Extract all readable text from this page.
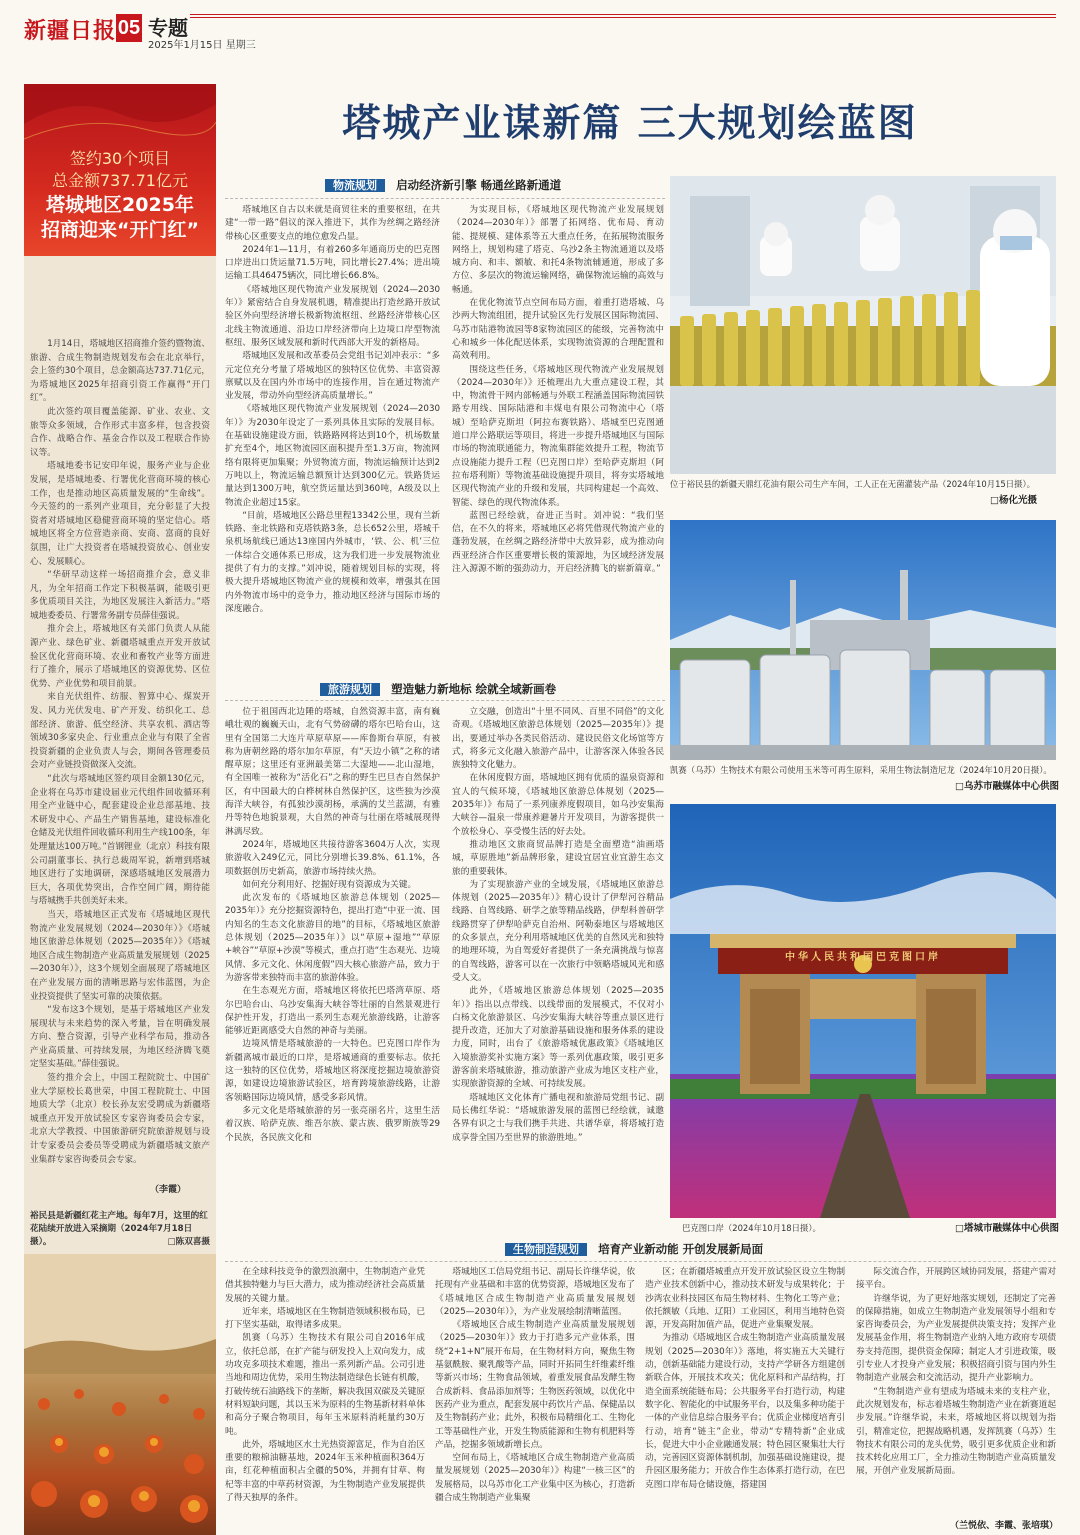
新疆日报 05 专题
2025年1月15日 星期三
签约30个项目
总金额737.71亿元
塔城地区2025年
招商迎来“开门红”

1月14日，塔城地区招商推介签约暨物流、旅游、合成生物制造规划发布会在北京举行，会上签约30个项目，总金额高达737.71亿元，为塔城地区2025年招商引资工作赢得“开门红”。

此次签约项目覆盖能源、矿业、农业、文旅等众多领域，合作形式丰富多样，包含投资合作、战略合作、基金合作以及工程联合作协议等。

塔城地委书记安印年说，服务产业与企业发展，是塔城地委、行署优化营商环境的核心工作，也是推动地区高质量发展的“生命线”。今天签约的一系列产业项目，充分彰显了大投资者对塔城地区稳健营商环境的坚定信心。塔城地区将全方位营造亲商、安商、富商的良好氛围，让广大投资者在塔城投资放心、创业安心、发展顺心。

“华研早动这样一场招商推介会，意义非凡，为全年招商工作定下积极基调，能吸引更多优质项目关注，为地区发展注入新活力。”塔城地委委员、行署常务副专员薛佳强说。

推介会上，塔城地区有关部门负责人从能源产业、绿色矿业、新疆塔城重点开发开放试验区优化营商环境、农业和畜牧产业等方面进行了推介，展示了塔城地区的资源优势、区位优势、产业优势和项目前景。

来自光伏组件、纺服、智算中心、煤炭开发、风力光伏发电、矿产开发、纺织化工、总部经济、旅游、低空经济、共享农机、酒店等领域30多家央企、行业重点企业与有限了全省投资新疆的企业负责人与会，期间各管理委员会对产业链投资做深入交流。

“此次与塔城地区签约项目金额130亿元，企业将在乌苏市建设届业元代组件回收循环利用全产业链中心，配套建设企业总部基地、技术研发中心、产品生产销售基地，建设标准化仓储及光伏组件回收循环利用生产线100条，年处理量达100万吨。”首钢锂业（北京）科技有限公司副董事长、执行总裁周军说，新增到塔城地区进行了实地调研，深感塔城地区发展潜力巨大，各项优势突出，合作空间广阔，期待能与塔城携手共创美好未来。

当天，塔城地区正式发布《塔城地区现代物流产业发展规划（2024—2030年）》《塔城地区旅游总体规划（2025—2035年）》《塔城地区合成生物制造产业高质量发展规划（2025—2030年）》，这3个规划全面展现了塔城地区在产业发展方面的清晰思路与宏伟蓝图，为企业投资提供了坚实可靠的决策依据。

“发布这3个规划，是基于塔城地区产业发展现状与未来趋势的深入考量，旨在明确发展方向、整合资源，引导产业科学布局，推动各产业高质量、可持续发展，为地区经济腾飞奠定坚实基础。”薛佳强说。

签约推介会上，中国工程院院士、中国矿业大学原校长葛世荣，中国工程院院士、中国地质大学（北京）校长孙友宏受聘成为新疆塔城重点开发开放试验区专家咨询委员会专家，北京大学教授、中国旅游研究院旅游规划与设计专家委员会委员等受聘成为新疆塔城文旅产业集群专家咨询委员会专家。

（李霞）
裕民县是新疆红花主产地。每年7月，这里的红花陆续开放进入采摘期（2024年7月18日摄）。	□陈双喜摄
塔城产业谋新篇 三大规划绘蓝图
物流规划 启动经济新引擎 畅通丝路新通道

塔城地区自古以来就是商贸往来的重要枢纽，在共建“一带一路”倡议的深入推进下，其作为丝绸之路经济带核心区重要支点的地位愈发凸显。

2024年1—11月，有着260多年通商历史的巴克图口岸进出口货运量71.5万吨，同比增长27.4%；进出境运输工具46475辆次，同比增长66.8%。

《塔城地区现代物流产业发展规划（2024—2030年）》紧密结合自身发展机遇，精准提出打造丝路开放试验区外向型经济增长极新物流枢纽、丝路经济带核心区北线主物流通道、沿边口岸经济带向上边境口岸型物流枢纽、服务区域发展和新时代西部大开发的新格局。

塔城地区发展和改革委员会党组书记刘冲表示：“多元定位充分考量了塔城地区的独特区位优势、丰富资源禀赋以及在国内外市场中的连接作用，旨在通过物流产业发展，带动外向型经济高质量增长。”

《塔城地区现代物流产业发展规划（2024—2030年）》为2030年设定了一系列具体且实际的发展目标。在基础设施建设方面，铁路路网将达到10个，机场数量扩充至4个，地区物流园区面积提升至1.3万亩，物流网络有限将更加集聚；外贸物流方面，物流运输预计达到2万吨以上，物流运输总额预计达到300亿元。铁路货运量达到1300万吨，航空货运量达到360吨，A级及以上物流企业超过15家。

“目前，塔城地区公路总里程13342公里，现有兰新铁路、奎北铁路和克塔铁路3条，总长652公里，塔城千泉机场航线已通达13座国内外城市，‘铁、公、机’三位一体综合交通体系已形成，这为我们进一步发展物流业提供了有力的支撑。”刘冲说，随着规划目标的实现，将极大提升塔城地区物流产业的规模和效率，增强其在国内外物流市场中的竞争力，推动地区经济与国际市场的深度融合。

为实现目标，《塔城地区现代物流产业发展规划（2024—2030年）》部署了拓网络、优布局、育动能、提规模、建体系等五大重点任务，在拓展物流服务网络上，规划构建了塔克、乌沙2条主物流通道以及塔城方向、和丰、额敏、和托4条物流辅通道，形成了多方位、多层次的物流运输网络，确保物流运输的高效与畅通。

在优化物流节点空间布局方面，着重打造塔城、乌沙两大物流组团，提升试验区先行发展区国际物流园、乌苏市陆港物流园等8家物流园区的能级，完善物流中心和城乡一体化配送体系，实现物流资源的合理配置和高效利用。

围绕这些任务，《塔城地区现代物流产业发展规划（2024—2030年）》还梳理出九大重点建设工程，其中，物流骨干网内部畅通与外联工程涵盖国际物流园铁路专用线、国际陆港和丰煤电有限公司物流中心（塔城）至哈萨克斯坦（阿拉布赛铁路）、塔城至巴克图通道口岸公路联运等项目，将进一步提升塔城地区与国际市场的物流联通能力，物流集群能效提升工程，物流节点设施能力提升工程（巴克图口岸）至哈萨克斯坦（阿拉布塔利斯）等物流基础设施提升项目，将夯实塔城地区现代物流产业的升级和发展，共同构建起一个高效、智能、绿色的现代物流体系。

蓝图已经绘就，奋进正当时。刘冲说：“我们坚信，在不久的将来，塔城地区必将凭借现代物流产业的蓬勃发展，在丝绸之路经济带中大放异彩，成为推动向西亚经济合作区重要增长极的策源地，为区域经济发展注入源源不断的强劲动力，开启经济腾飞的崭新篇章。”

旅游规划 塑造魅力新地标 绘就全域新画卷

位于祖国西北边陲的塔城，自然资源丰富，南有巍峨壮观的巍巍天山，北有气势磅礴的塔尔巴哈台山，这里有全国第二大连片草原草原——库鲁斯台草原，有被称为唐朝丝路的塔尔加尔草原，有“天边小镇”之称的诸醒草原；这里还有亚洲最美第二大湿地——北山湿地，有全国唯一被称为“活化石”之称的野生巴旦杏自然保护区，有中国最大的白桦树林自然保护区，这些独为沙漠海洋大峡谷，有孤独沙漠胡杨，承满的艾兰蓝湖，有雅丹等特色地貌景观，大自然的神奇与壮丽在塔城展现得淋漓尽致。

2024年，塔城地区共接待游客3604万人次，实现旅游收入249亿元，同比分别增长39.8%、61.1%，各项数据创历史新高，旅游市场持续火热。

如何充分利用好、挖掘好现有资源成为关键。

此次发布的《塔城地区旅游总体规划（2025—2035年）》充分挖掘资源特色，提出打造“中亚一流、国内知名的生态文化旅游目的地”的目标，《塔城地区旅游总体规划（2025—2035年）》以“草原+湿地”“草原+峡谷”“草原+沙漠”等模式，重点打造“生态观光、边境风情、多元文化、休闲度假”四大核心旅游产品，致力于为游客带来独特而丰富的旅游体验。

在生态观光方面，塔城地区将依托巴塔湾草原、塔尔巴哈台山、乌沙安集海大峡谷等壮丽的自然景观进行保护性开发，打造出一系列生态观光旅游线路，让游客能够近距离感受大自然的神奇与美丽。

边境风情是塔城旅游的一大特色。巴克图口岸作为新疆离城市最近的口岸，是塔城通商的重要标志。依托这一独特的区位优势，塔城地区将深度挖掘边境旅游资源，如建设边境旅游试验区，培育跨境旅游线路，让游客领略国际边境风情，感受多彩风情。

多元文化是塔城旅游的另一张亮丽名片，这里生活着汉族、哈萨克族、维吾尔族、蒙古族、俄罗斯族等29个民族，各民族文化和

立交融，创造出“十里不同风、百里不同俗”的文化奇观。《塔城地区旅游总体规划（2025—2035年）》提出，要通过举办各类民俗活动、建设民俗文化场馆等方式，将多元文化融入旅游产品中，让游客深入体验各民族独特文化魅力。

在休闲度假方面，塔城地区拥有优质的温泉资源和宜人的气候环境，《塔城地区旅游总体规划（2025—2035年）》布局了一系列康养度假项目，如乌沙安集海大峡谷—温泉一带康养避暑片开发项目，为游客提供一个放松身心、享受慢生活的好去处。

推动地区文旅商贸品牌打造是全面塑造“油画塔城，草原胜地”新品牌形象，建设宜居宜业宜游生态文旅的重要载体。

为了实现旅游产业的全域发展，《塔城地区旅游总体规划（2025—2035年）》精心设计了伊犁河谷精品线路、自驾线路、研学之旅等精品线路，伊犁科普研学线路贯穿了伊犁哈萨克自治州、阿勒泰地区与塔城地区的众多景点，充分利用塔城地区优美的自然风光和独特的地理环境，为自驾爱好者提供了一条充满挑战与惊喜的自驾线路，游客可以在一次旅行中领略塔城风光和感受人文。

此外，《塔城地区旅游总体规划（2025—2035年）》指出以点带线、以线带面的发展模式，不仅对小白杨文化旅游景区、乌沙安集海大峡谷等重点景区进行提升改造，还加大了对旅游基础设施和服务体系的建设力度，同时，出台了《旅游塔城优惠政策》《塔城地区入境旅游奖补实施方案》等一系列优惠政策，吸引更多游客前来塔城旅游，推动旅游产业成为地区支柱产业，实现旅游资源的全域、可持续发展。

塔城地区文化体育广播电视和旅游局党组书记、副局长佛红华说：“塔城旅游发展的蓝图已经绘就，诚邀各界有识之士与我们携手共进、共谱华章，将塔城打造成享誉全国乃至世界的旅游胜地。”

位于裕民县的新疆天鼎红花油有限公司生产车间，工人正在无菌灌装产品（2024年10月15日摄）。
□杨化光摄
凯赛（乌苏）生物技术有限公司使用玉米等可再生原料，采用生物法制造尼龙（2024年10月20日摄）。
□乌苏市融媒体中心供图
中华人民共和国巴克图口岸
巴克图口岸（2024年10月18日摄）。	□塔城市融媒体中心供图
生物制造规划 培育产业新动能 开创发展新局面

在全球科技竞争的激烈浪潮中，生物制造产业凭借其独特魅力与巨大潜力，成为推动经济社会高质量发展的关键力量。

近年来，塔城地区在生物制造领域积极布局，已打下坚实基础，取得诸多成果。

凯赛（乌苏）生物技术有限公司自2016年成立，依托总部，在扩产能与研发投入上双向发力，成功攻克多项技术难题，推出一系列新产品。公司引进当地和周边优势，采用生物法制造绿色长链有机酸，打破传统石油路线下的垄断，解决我国双碳及关键原材料短缺问题，其以玉米为原料的生物基新材料单体和高分子聚合物项目，每年玉米原料消耗量约30万吨。

此外，塔城地区水土光热资源富足，作为自治区重要的粮棉油糖基地，2024年玉米种植面积364万亩，红花种植面积占全疆的50%，并拥有甘草、枸杞等丰富的中草药材资源，为生物制造产业发展提供了得天独厚的条件。

塔城地区工信局党组书记、副局长许继华说，依托现有产业基础和丰富的优势资源，塔城地区发布了《塔城地区合成生物制造产业高质量发展规划（2025—2030年）》，为产业发展绘制清晰蓝图。

《塔城地区合成生物制造产业高质量发展规划（2025—2030年）》致力于打造多元产业体系，围绕“2+1+N”展开布局，在生物材料方向，聚焦生物基氨酰胺、聚乳酸等产品，同时开拓同生纤维素纤维等新兴市场；生物食品领域，着重发展食品发酵生物合成新料、食品添加剂等；生物医药领域，以优化中医药产业为重点，配套发展中药饮片产品、保健品以及生物制药产业；此外，积极布局精细化工、生物化工等基础性产业，开发生物质能源和生物有机肥料等产品，挖掘多领域新增长点。

空间布局上，《塔城地区合成生物制造产业高质量发展规划（2025—2030年）》构建“一核三区”的发展格局，以乌苏市化工产业集中区为核心，打造新疆合成生物制造产业集聚

区；在新疆塔城重点开发开放试验区设立生物制造产业技术创新中心，推动技术研发与成果转化；于沙湾农业科技园区布局生物材料、生物化工等产业；依托额敏（兵地、辽阳）工业园区，利用当地特色资源，开发高附加值产品，促进产业集聚发展。

为推动《塔城地区合成生物制造产业高质量发展规划（2025—2030年）》落地，将实施五大关键行动，创新基础能力建设行动，支持产学研各方组建创新联合体，开展技术攻关；优化原料和产品结构，打造全面系统能链布局；公共服务平台打造行动，构建数字化、智能化的中试服务平台，以及集多种功能于一体的产业信息综合服务平台；优质企业梯度培育引行动，培育“链主”企业，带动“专精特新”企业成长，促进大中小企业融通发展；特色园区聚集壮大行动，完善园区资源体制机制，加强基础设施建设，提升园区服务能力；开放合作生态体系打造行动，在巴克图口岸布局仓储设施，搭建国

际交流合作，开展跨区域协同发展，搭建产需对接平台。

许继华说，为了更好地落实规划，还制定了完善的保障措施，如成立生物制造产业发展领导小组和专家咨询委员会，为产业发展提供决策支持；发挥产业发展基金作用，将生物制造产业纳入地方政府专项债券支持范围，提供资金保障；制定人才引进政策，吸引专业人才投身产业发展；积极招商引资与国内外生物制造产业展会和交流活动，提升产业影响力。

“生物制造产业有望成为塔城未来的支柱产业，此次规划发布，标志着塔城生物制造产业在新赛道起步发展。”许继华说，未来，塔城地区将以规划为指引，精准定位，把握战略机遇，发挥凯赛（乌苏）生物技术有限公司的龙头优势，吸引更多优质企业和新技术转化应用工厂，全力推动生物制造产业高质量发展，开创产业发展新局面。

（兰悦依、李霞、张培琪）
